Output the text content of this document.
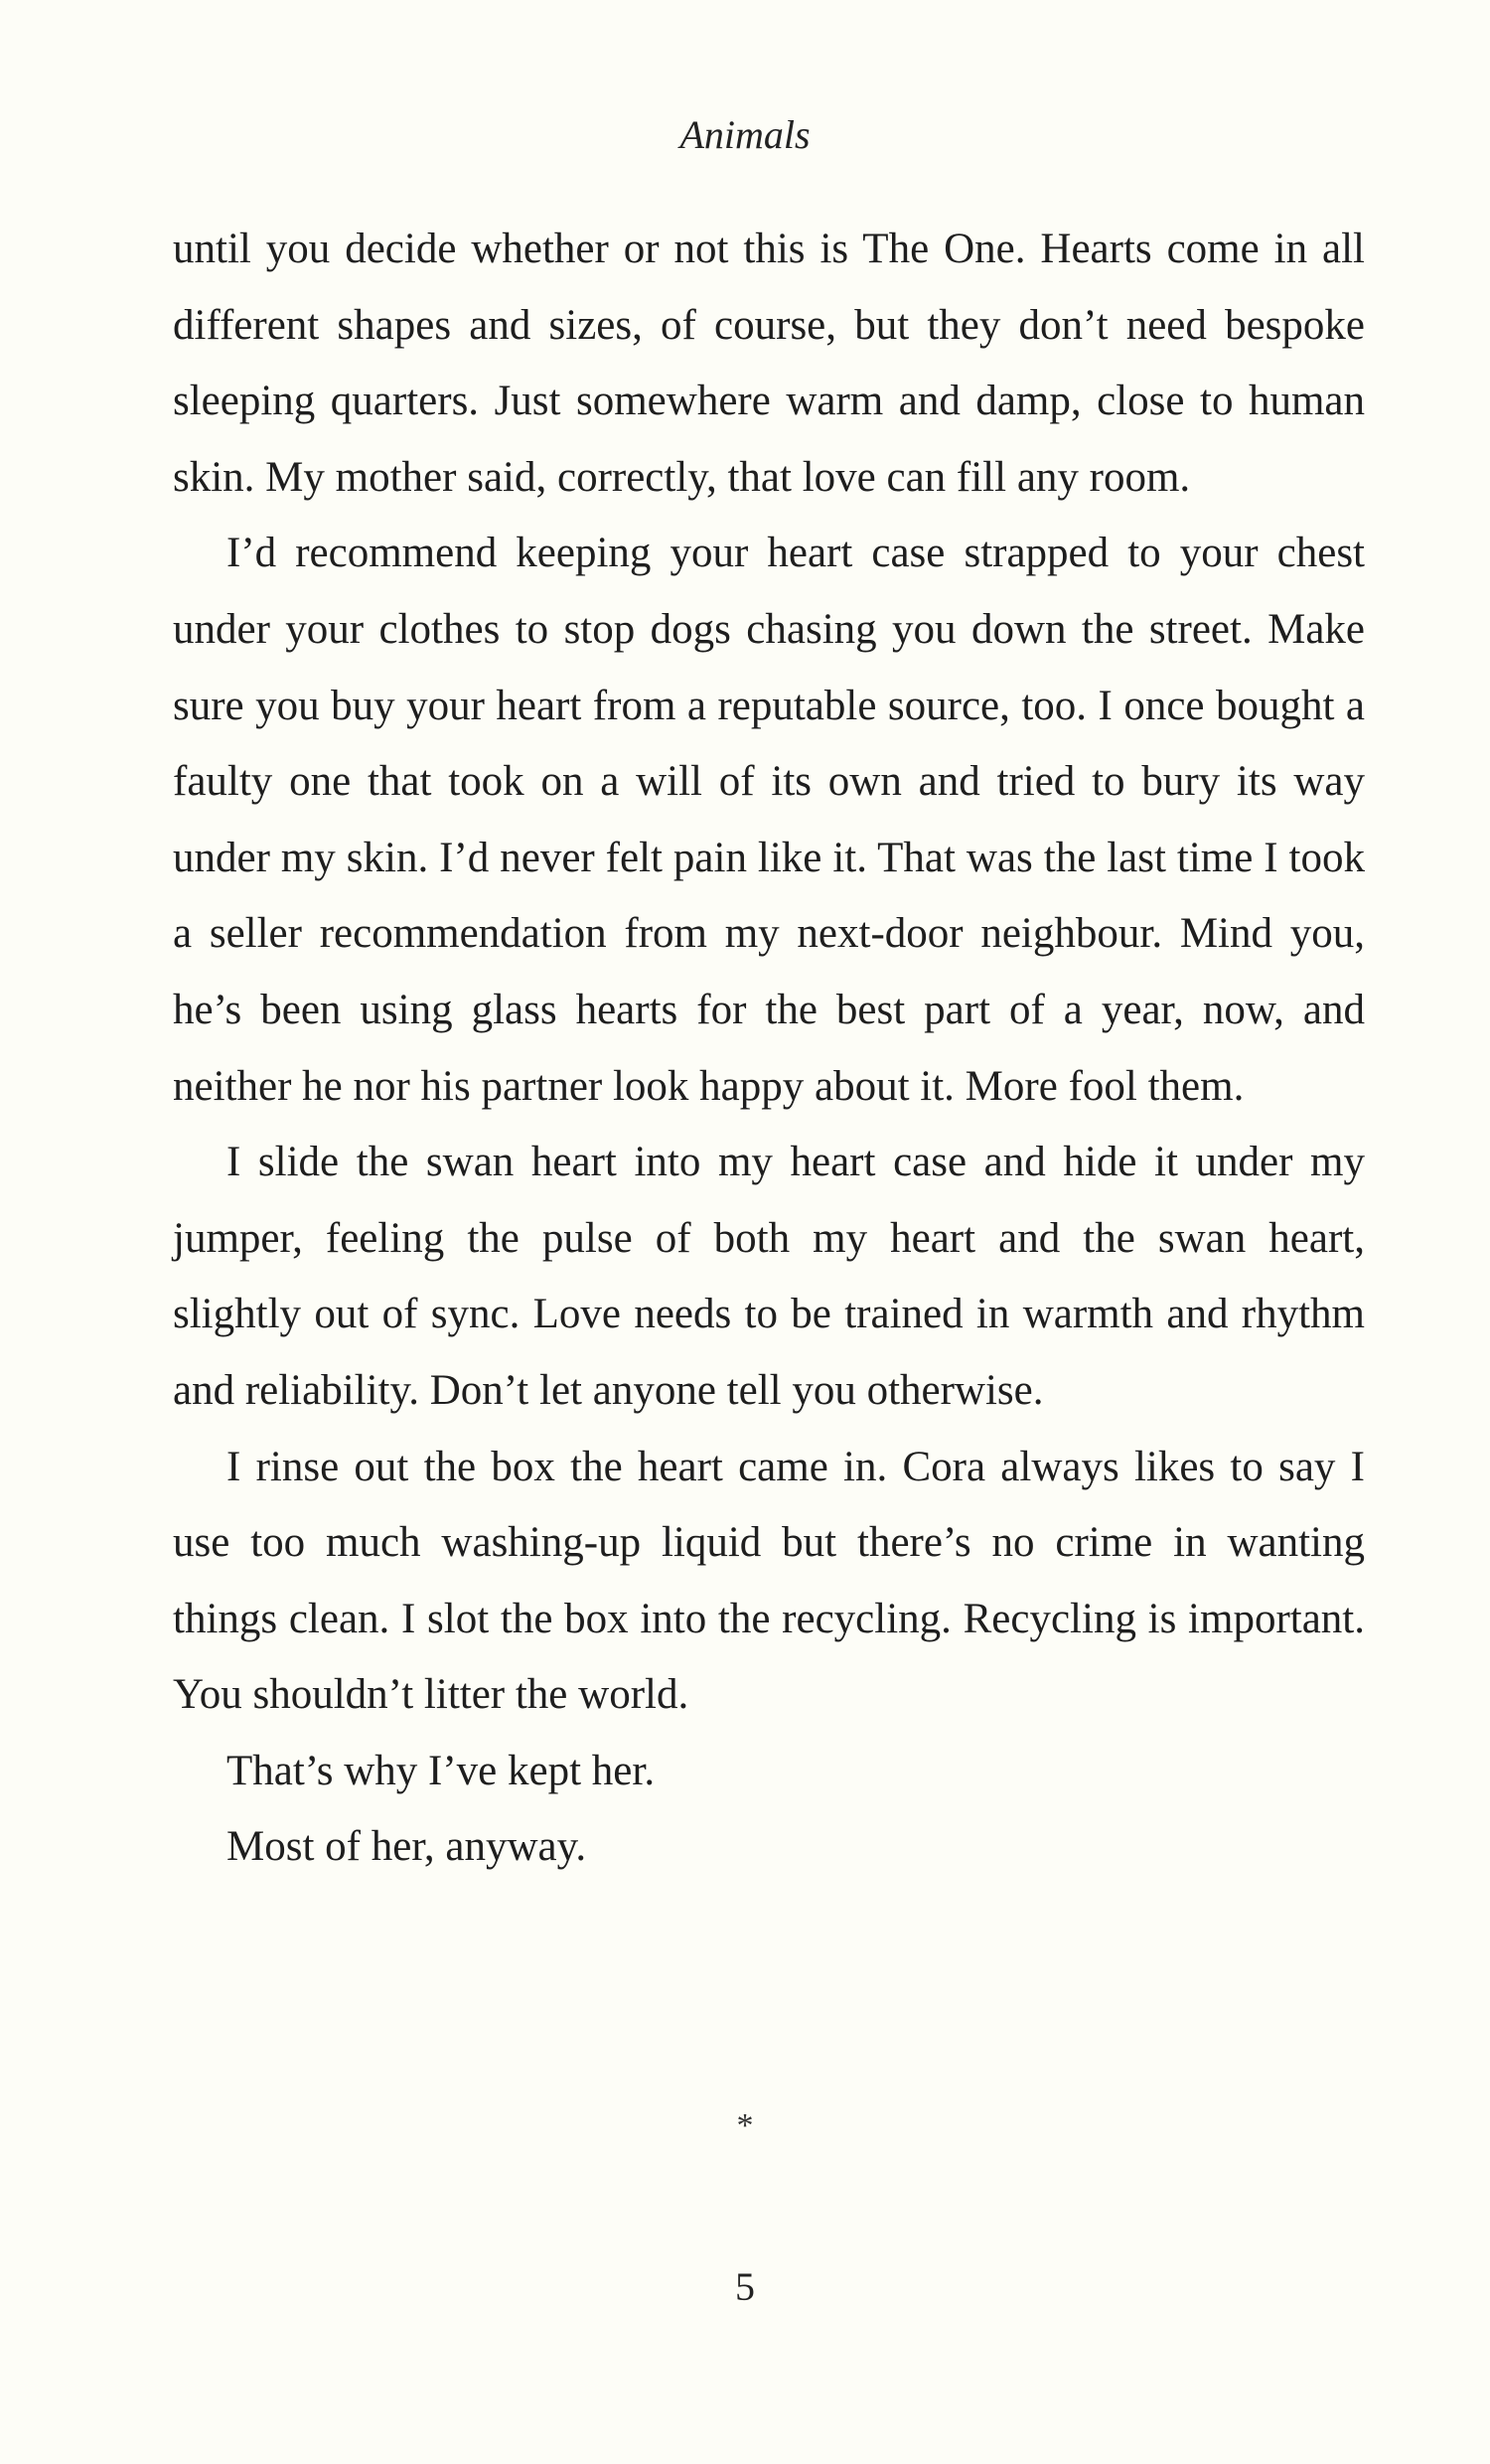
Animals

until you decide whether or not this is The One. Hearts come in all different shapes and sizes, of course, but they don’t need bespoke sleeping quarters. Just somewhere warm and damp, close to human skin. My mother said, correctly, that love can fill any room.

I’d recommend keeping your heart case strapped to your chest under your clothes to stop dogs chasing you down the street. Make sure you buy your heart from a reputable source, too. I once bought a faulty one that took on a will of its own and tried to bury its way under my skin. I’d never felt pain like it. That was the last time I took a seller recommendation from my next-door neighbour. Mind you, he’s been using glass hearts for the best part of a year, now, and neither he nor his partner look happy about it. More fool them.

I slide the swan heart into my heart case and hide it under my jumper, feeling the pulse of both my heart and the swan heart, slightly out of sync. Love needs to be trained in warmth and rhythm and reliability. Don’t let anyone tell you otherwise.

I rinse out the box the heart came in. Cora always likes to say I use too much washing-up liquid but there’s no crime in wanting things clean. I slot the box into the recycling. Recycling is important. You shouldn’t litter the world.

That’s why I’ve kept her.

Most of her, anyway.

*
5
